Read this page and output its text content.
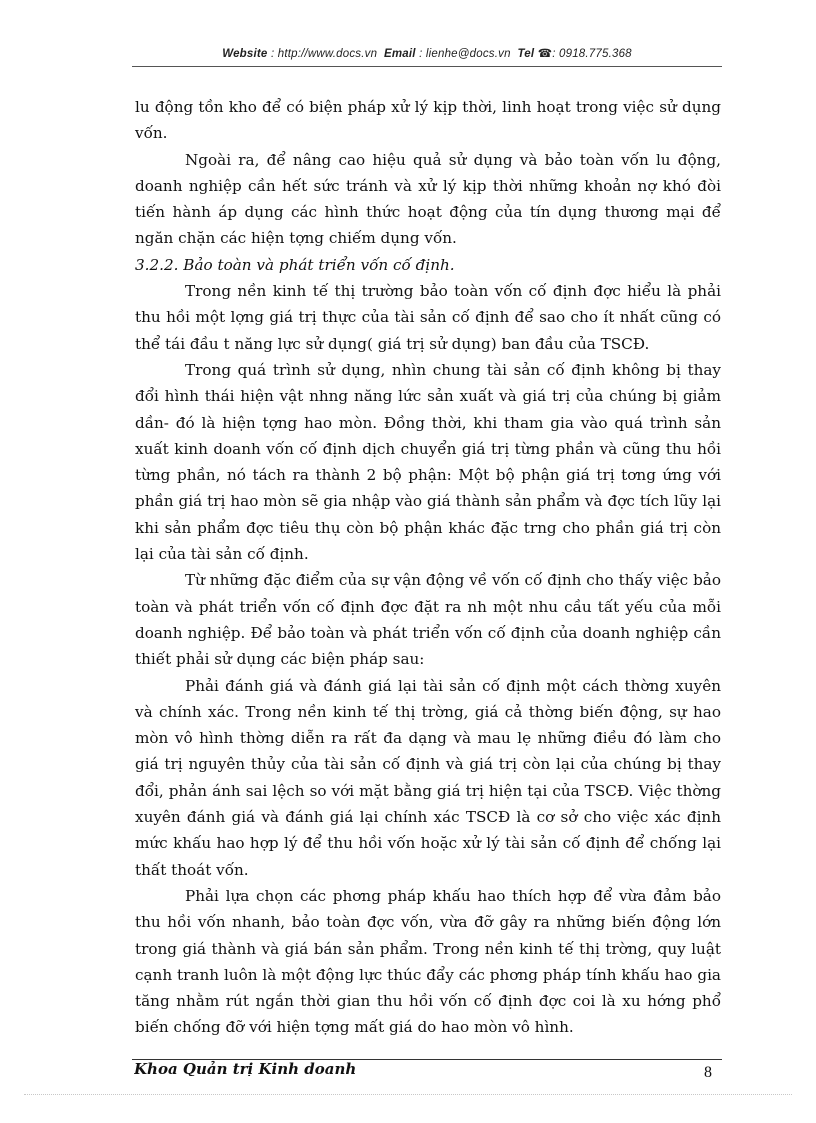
Website : http://www.docs.vn Email : lienhe@docs.vn Tel ☎: 0918.775.368

lu động tồn kho để có biện pháp xử lý kịp thời, linh hoạt trong việc sử dụng vốn.

Ngoài ra, để nâng cao hiệu quả sử dụng và bảo toàn vốn lu động, doanh nghiệp cần hết sức tránh và xử lý kịp thời những khoản nợ khó đòi tiến hành áp dụng các hình thức hoạt động của tín dụng thương mại để ngăn chặn các hiện tợng chiếm dụng vốn.

3.2.2. Bảo toàn và phát triển vốn cố định.

Trong nền kinh tế thị trường bảo toàn vốn cố định đợc hiểu là phải thu hồi một lợng giá trị thực của tài sản cố định để sao cho ít nhất cũng có thể tái đầu t năng lực sử dụng( giá trị sử dụng) ban đầu của TSCĐ.

Trong quá trình sử dụng, nhìn chung tài sản cố định không bị thay đổi hình thái hiện vật nhng năng lức sản xuất và giá trị của chúng bị giảm dần- đó là hiện tợng hao mòn. Đồng thời, khi tham gia vào quá trình sản xuất kinh doanh vốn cố định dịch chuyển giá trị từng phần và cũng thu hồi từng phần, nó tách ra thành 2 bộ phận: Một bộ phận giá trị tơng ứng với phần giá trị hao mòn sẽ gia nhập vào giá thành sản phẩm và đợc tích lũy lại khi sản phẩm đợc tiêu thụ còn bộ phận khác đặc trng cho phần giá trị còn lại của tài sản cố định.

Từ những đặc điểm của sự vận động về vốn cố định cho thấy việc bảo toàn và phát triển vốn cố định đợc đặt ra nh một nhu cầu tất yếu của mỗi doanh nghiệp. Để bảo toàn và phát triển vốn cố định của doanh nghiệp cần thiết phải sử dụng các biện pháp sau:

Phải đánh giá và đánh giá lại tài sản cố định một cách thờng xuyên và chính xác. Trong nền kinh tế thị trờng, giá cả thờng biến động, sự hao mòn vô hình thờng diễn ra rất đa dạng và mau lẹ những điều đó làm cho giá trị nguyên thủy của tài sản cố định và giá trị còn lại của chúng bị thay đổi, phản ánh sai lệch so với mặt bằng giá trị hiện tại của TSCĐ. Việc thờng xuyên đánh giá và đánh giá lại chính xác TSCĐ là cơ sở cho việc xác định mức khấu hao hợp lý để thu hồi vốn hoặc xử lý tài sản cố định để chống lại thất thoát vốn.

Phải lựa chọn các phơng pháp khấu hao thích hợp để vừa đảm bảo thu hồi vốn nhanh, bảo toàn đợc vốn, vừa đỡ gây ra những biến động lớn trong giá thành và giá bán sản phẩm. Trong nền kinh tế thị trờng, quy luật cạnh tranh luôn là một động lực thúc đẩy các phơng pháp tính khấu hao gia tăng nhằm rút ngắn thời gian thu hồi vốn cố định đợc coi là xu hớng phổ biến chống đỡ với hiện tợng mất giá do hao mòn vô hình.

Khoa Quản trị Kinh doanh	8
